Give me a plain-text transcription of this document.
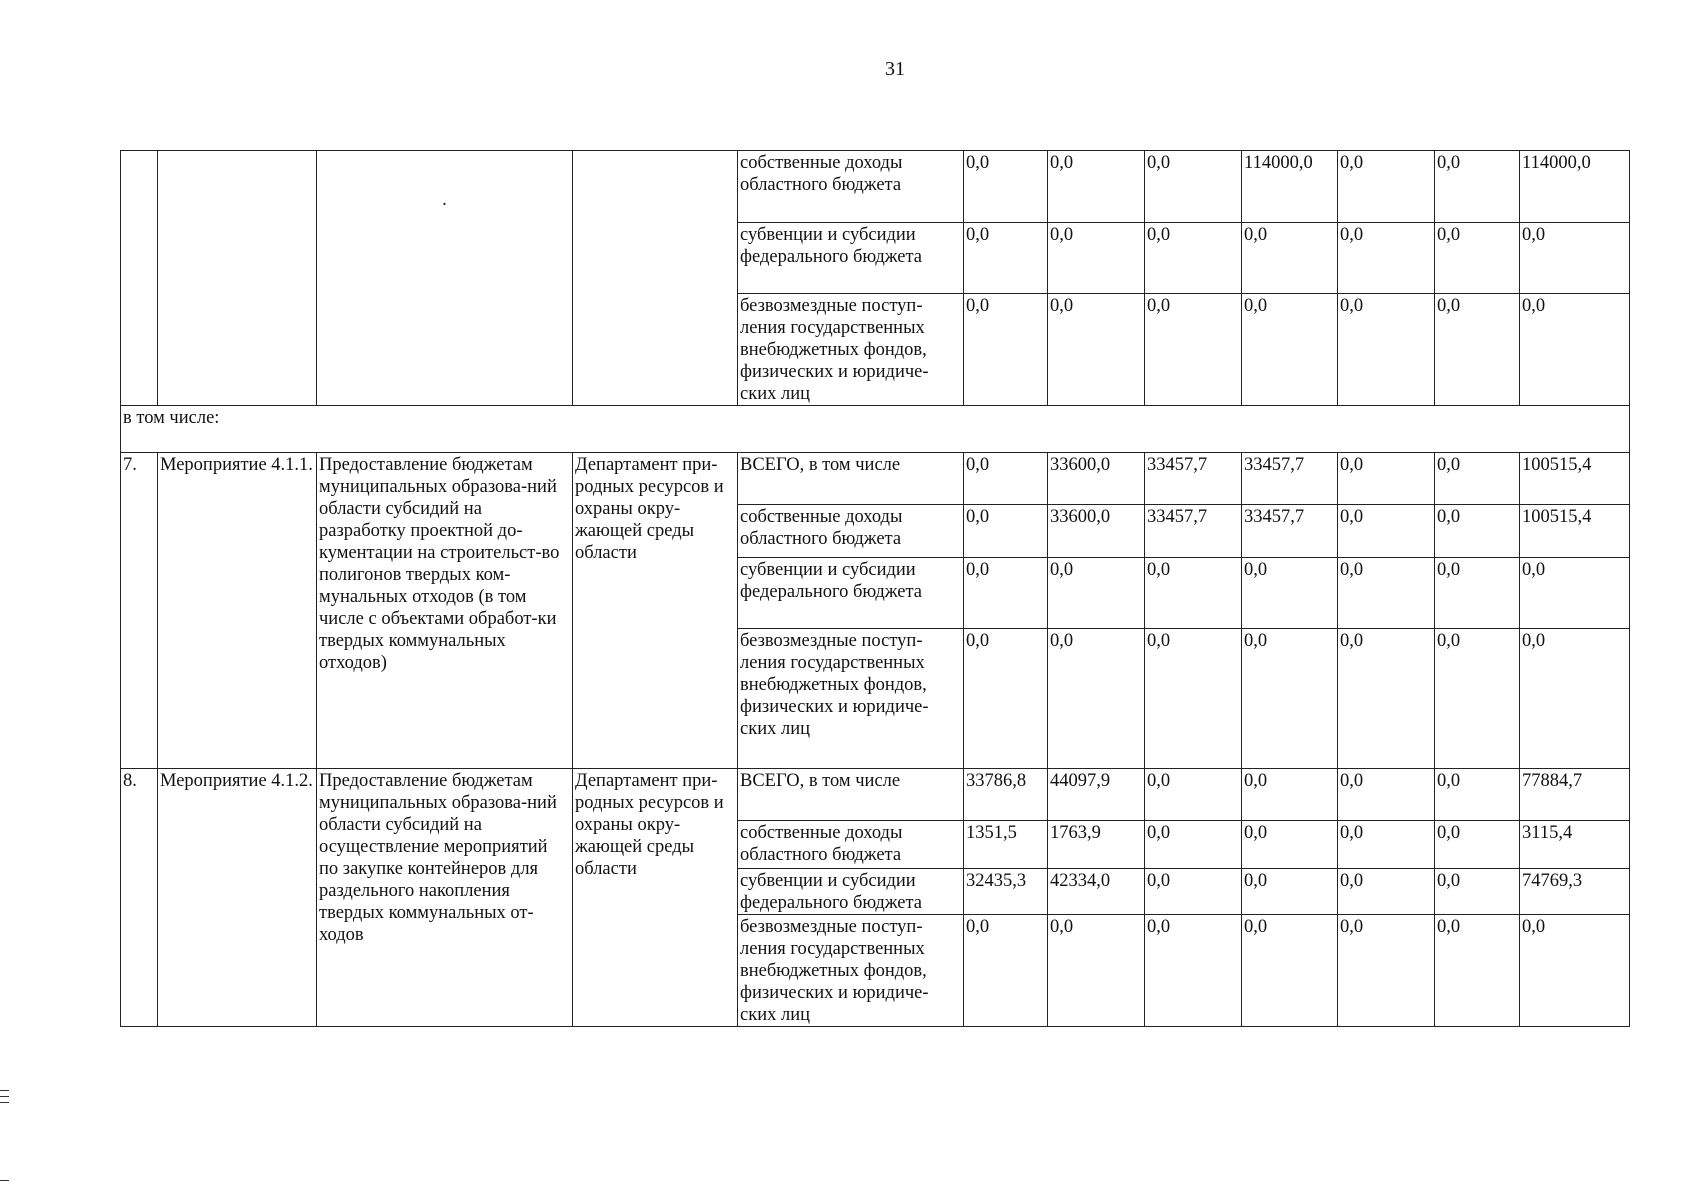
31
		·		собственные доходы областного бюджета	0,0	0,0	0,0	114000,0	0,0	0,0	114000,0
				субвенции и субсидии федерального бюджета	0,0	0,0	0,0	0,0	0,0	0,0	0,0
				безвозмездные поступ-ления государственных внебюджетных фондов, физических и юридиче-ских лиц	0,0	0,0	0,0	0,0	0,0	0,0	0,0
в том числе:											
7.	Мероприятие 4.1.1.	Предоставление бюджетам муниципальных образова-ний области субсидий на разработку проектной до-кументации на строительст-во полигонов твердых ком-мунальных отходов (в том числе с объектами обработ-ки твердых коммунальных отходов)	Департамент при-родных ресурсов и охраны окру-жающей среды области	ВСЕГО, в том числе	0,0	33600,0	33457,7	33457,7	0,0	0,0	100515,4
				собственные доходы областного бюджета	0,0	33600,0	33457,7	33457,7	0,0	0,0	100515,4
				субвенции и субсидии федерального бюджета	0,0	0,0	0,0	0,0	0,0	0,0	0,0
				безвозмездные поступ-ления государственных внебюджетных фондов, физических и юридиче-ских лиц	0,0	0,0	0,0	0,0	0,0	0,0	0,0
8.	Мероприятие 4.1.2.	Предоставление бюджетам муниципальных образова-ний области субсидий на осуществление мероприятий по закупке контейнеров для раздельного накопления твердых коммунальных от-ходов	Департамент при-родных ресурсов и охраны окру-жающей среды области	ВСЕГО, в том числе	33786,8	44097,9	0,0	0,0	0,0	0,0	77884,7
				собственные доходы областного бюджета	1351,5	1763,9	0,0	0,0	0,0	0,0	3115,4
				субвенции и субсидии федерального бюджета	32435,3	42334,0	0,0	0,0	0,0	0,0	74769,3
				безвозмездные поступ-ления государственных внебюджетных фондов, физических и юридиче-ских лиц	0,0	0,0	0,0	0,0	0,0	0,0	0,0
